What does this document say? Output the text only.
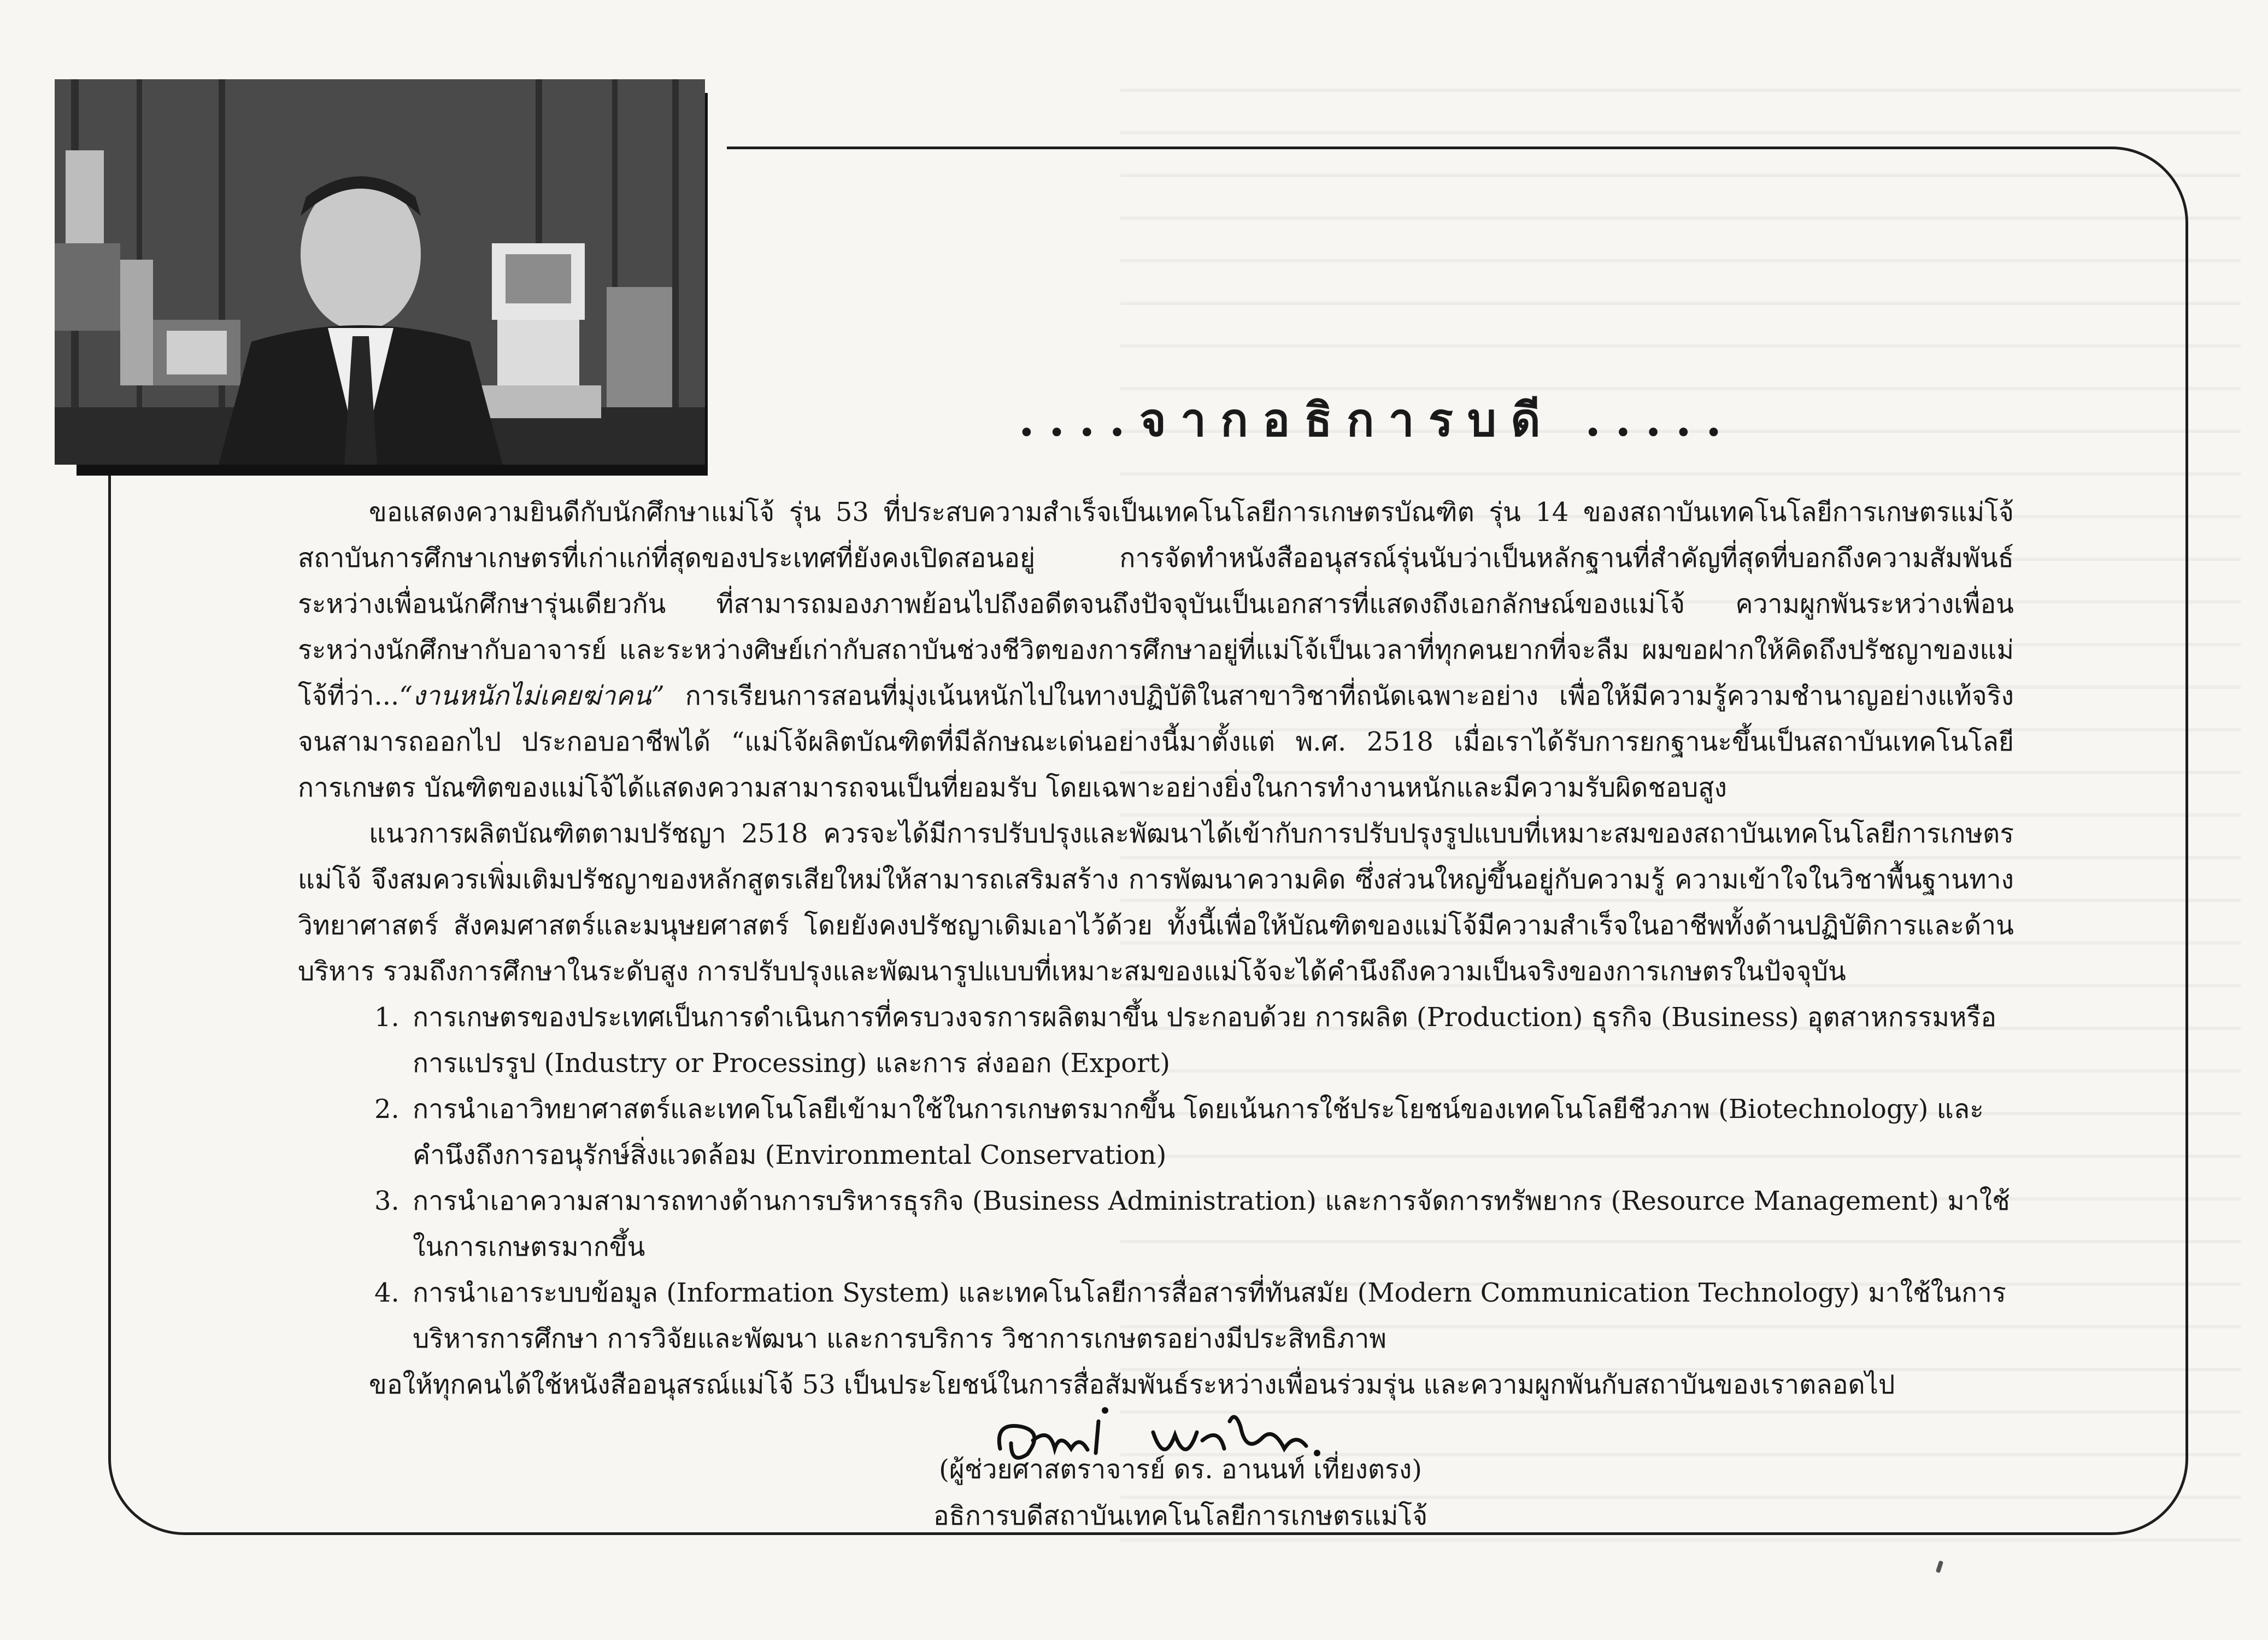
....จากอธิการบดี .....

ขอแสดงความยินดีกับนักศึกษาแม่โจ้ รุ่น 53 ที่ประสบความสำเร็จเป็นเทคโนโลยีการเกษตรบัณฑิต รุ่น 14 ของสถาบันเทคโนโลยีการเกษตรแม่โจ้ สถาบันการศึกษาเกษตรที่เก่าแก่ที่สุดของประเทศที่ยังคงเปิดสอนอยู่ การจัดทำหนังสืออนุสรณ์รุ่นนับว่าเป็นหลักฐานที่สำคัญที่สุดที่บอกถึงความสัมพันธ์ระหว่างเพื่อนนักศึกษารุ่นเดียวกัน ที่สามารถมองภาพย้อนไปถึงอดีตจนถึงปัจจุบันเป็นเอกสารที่แสดงถึงเอกลักษณ์ของแม่โจ้ ความผูกพันระหว่างเพื่อน ระหว่างนักศึกษากับอาจารย์ และระหว่างศิษย์เก่ากับสถาบันช่วงชีวิตของการศึกษาอยู่ที่แม่โจ้เป็นเวลาที่ทุกคนยากที่จะลืม ผมขอฝากให้คิดถึงปรัชญาของแม่โจ้ที่ว่า...“งานหนักไม่เคยฆ่าคน” การเรียนการสอนที่มุ่งเน้นหนักไปในทางปฏิบัติในสาขาวิชาที่ถนัดเฉพาะอย่าง เพื่อให้มีความรู้ความชำนาญอย่างแท้จริง จนสามารถออกไป ประกอบอาชีพได้ “แม่โจ้ผลิตบัณฑิตที่มีลักษณะเด่นอย่างนี้มาตั้งแต่ พ.ศ. 2518 เมื่อเราได้รับการยกฐานะขึ้นเป็นสถาบันเทคโนโลยีการเกษตร บัณฑิตของแม่โจ้ได้แสดงความสามารถจนเป็นที่ยอมรับ โดยเฉพาะอย่างยิ่งในการทำงานหนักและมีความรับผิดชอบสูง

แนวการผลิตบัณฑิตตามปรัชญา 2518 ควรจะได้มีการปรับปรุงและพัฒนาได้เข้ากับการปรับปรุงรูปแบบที่เหมาะสมของสถาบันเทคโนโลยีการเกษตรแม่โจ้ จึงสมควรเพิ่มเติมปรัชญาของหลักสูตรเสียใหม่ให้สามารถเสริมสร้าง การพัฒนาความคิด ซึ่งส่วนใหญ่ขึ้นอยู่กับความรู้ ความเข้าใจในวิชาพื้นฐานทางวิทยาศาสตร์ สังคมศาสตร์และมนุษยศาสตร์ โดยยังคงปรัชญาเดิมเอาไว้ด้วย ทั้งนี้เพื่อให้บัณฑิตของแม่โจ้มีความสำเร็จในอาชีพทั้งด้านปฏิบัติการและด้านบริหาร รวมถึงการศึกษาในระดับสูง การปรับปรุงและพัฒนารูปแบบที่เหมาะสมของแม่โจ้จะได้คำนึงถึงความเป็นจริงของการเกษตรในปัจจุบัน

1. การเกษตรของประเทศเป็นการดำเนินการที่ครบวงจรการผลิตมาขึ้น ประกอบด้วย การผลิต (Production) ธุรกิจ (Business) อุตสาหกรรมหรือการแปรรูป (Industry or Processing) และการ ส่งออก (Export)
2. การนำเอาวิทยาศาสตร์และเทคโนโลยีเข้ามาใช้ในการเกษตรมากขึ้น โดยเน้นการใช้ประโยชน์ของเทคโนโลยีชีวภาพ (Biotechnology) และคำนึงถึงการอนุรักษ์สิ่งแวดล้อม (Environmental Conservation)
3. การนำเอาความสามารถทางด้านการบริหารธุรกิจ (Business Administration) และการจัดการทรัพยากร (Resource Management) มาใช้ในการเกษตรมากขึ้น
4. การนำเอาระบบข้อมูล (Information System) และเทคโนโลยีการสื่อสารที่ทันสมัย (Modern Communication Technology) มาใช้ในการบริหารการศึกษา การวิจัยและพัฒนา และการบริการ วิชาการเกษตรอย่างมีประสิทธิภาพ

ขอให้ทุกคนได้ใช้หนังสืออนุสรณ์แม่โจ้ 53 เป็นประโยชน์ในการสื่อสัมพันธ์ระหว่างเพื่อนร่วมรุ่น และความผูกพันกับสถาบันของเราตลอดไป

(ผู้ช่วยศาสตราจารย์ ดร. อานนท์ เที่ยงตรง)
อธิการบดีสถาบันเทคโนโลยีการเกษตรแม่โจ้
